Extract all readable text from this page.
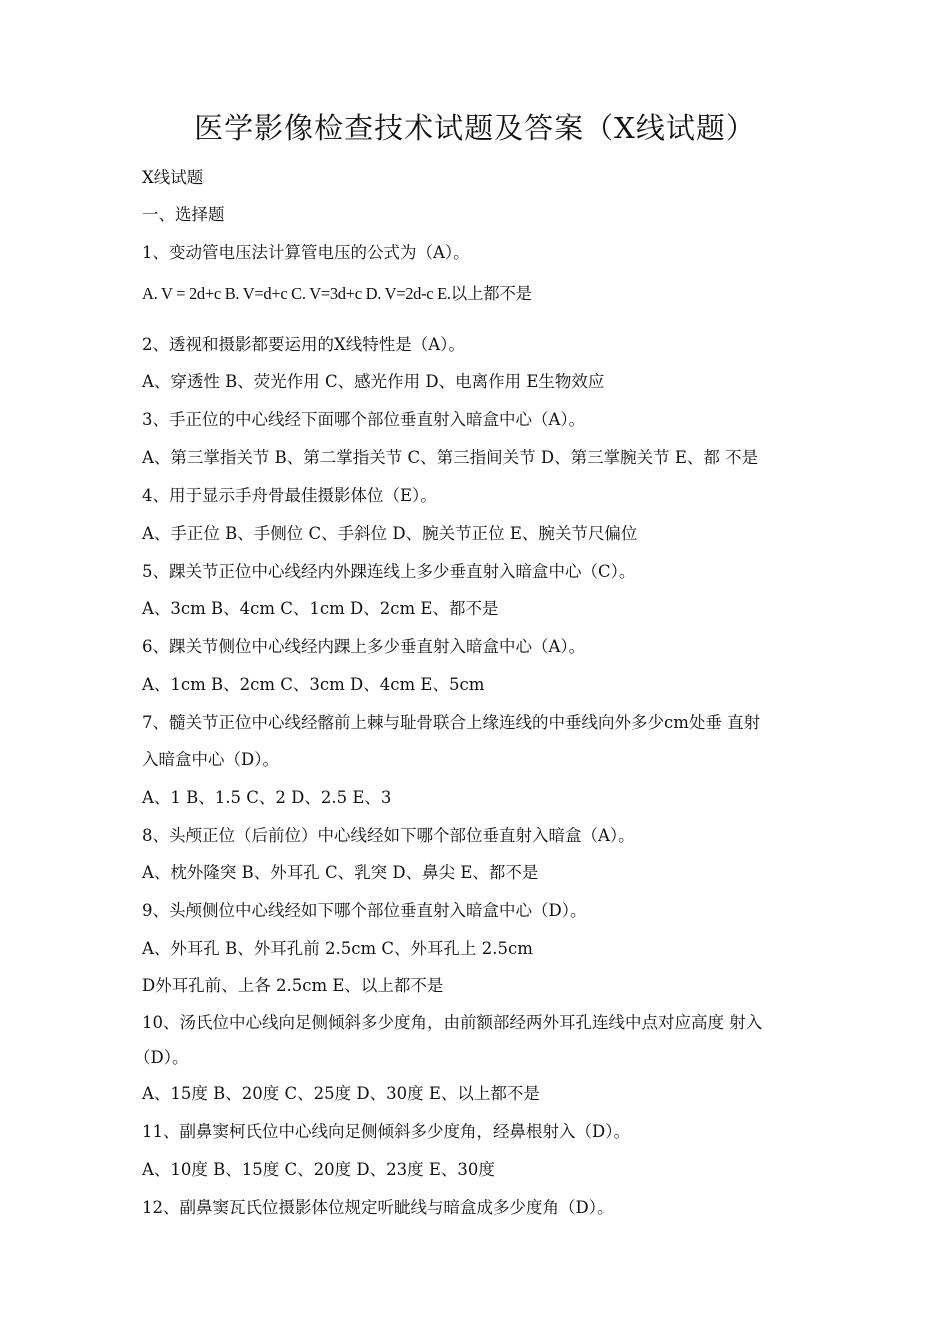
医学影像检查技术试题及答案（X线试题）
X线试题
一、选择题
1、变动管电压法计算管电压的公式为（A）。
A. V = 2d+c B. V=d+c C. V=3d+c D. V=2d-c E.以上都不是
2、透视和摄影都要运用的X线特性是（A）。
A、穿透性 B、荧光作用 C、感光作用 D、电离作用 E生物效应
3、手正位的中心线经下面哪个部位垂直射入暗盒中心（A）。
A、第三掌指关节 B、第二掌指关节 C、第三指间关节 D、第三掌腕关节 E、都 不是
4、用于显示手舟骨最佳摄影体位（E）。
A、手正位 B、手侧位 C、手斜位 D、腕关节正位 E、腕关节尺偏位
5、踝关节正位中心线经内外踝连线上多少垂直射入暗盒中心（C）。
A、3cm B、4cm C、1cm D、2cm E、都不是
6、踝关节侧位中心线经内踝上多少垂直射入暗盒中心（A）。
A、1cm B、2cm C、3cm D、4cm E、5cm
7、髓关节正位中心线经髂前上棘与耻骨联合上缘连线的中垂线向外多少cm处垂 直射
入暗盒中心（D）。
A、1 B、1.5 C、2 D、2.5 E、3
8、头颅正位（后前位）中心线经如下哪个部位垂直射入暗盒（A）。
A、枕外隆突 B、外耳孔 C、乳突 D、鼻尖 E、都不是
9、头颅侧位中心线经如下哪个部位垂直射入暗盒中心（D）。
A、外耳孔 B、外耳孔前 2.5cm C、外耳孔上 2.5cm
D外耳孔前、上各 2.5cm E、以上都不是
10、汤氏位中心线向足侧倾斜多少度角，由前额部经两外耳孔连线中点对应高度 射入
（D）。
A、15度 B、20度 C、25度 D、30度 E、以上都不是
11、副鼻窦柯氏位中心线向足侧倾斜多少度角，经鼻根射入（D）。
A、10度 B、15度 C、20度 D、23度 E、30度
12、副鼻窦瓦氏位摄影体位规定听眦线与暗盒成多少度角（D）。
